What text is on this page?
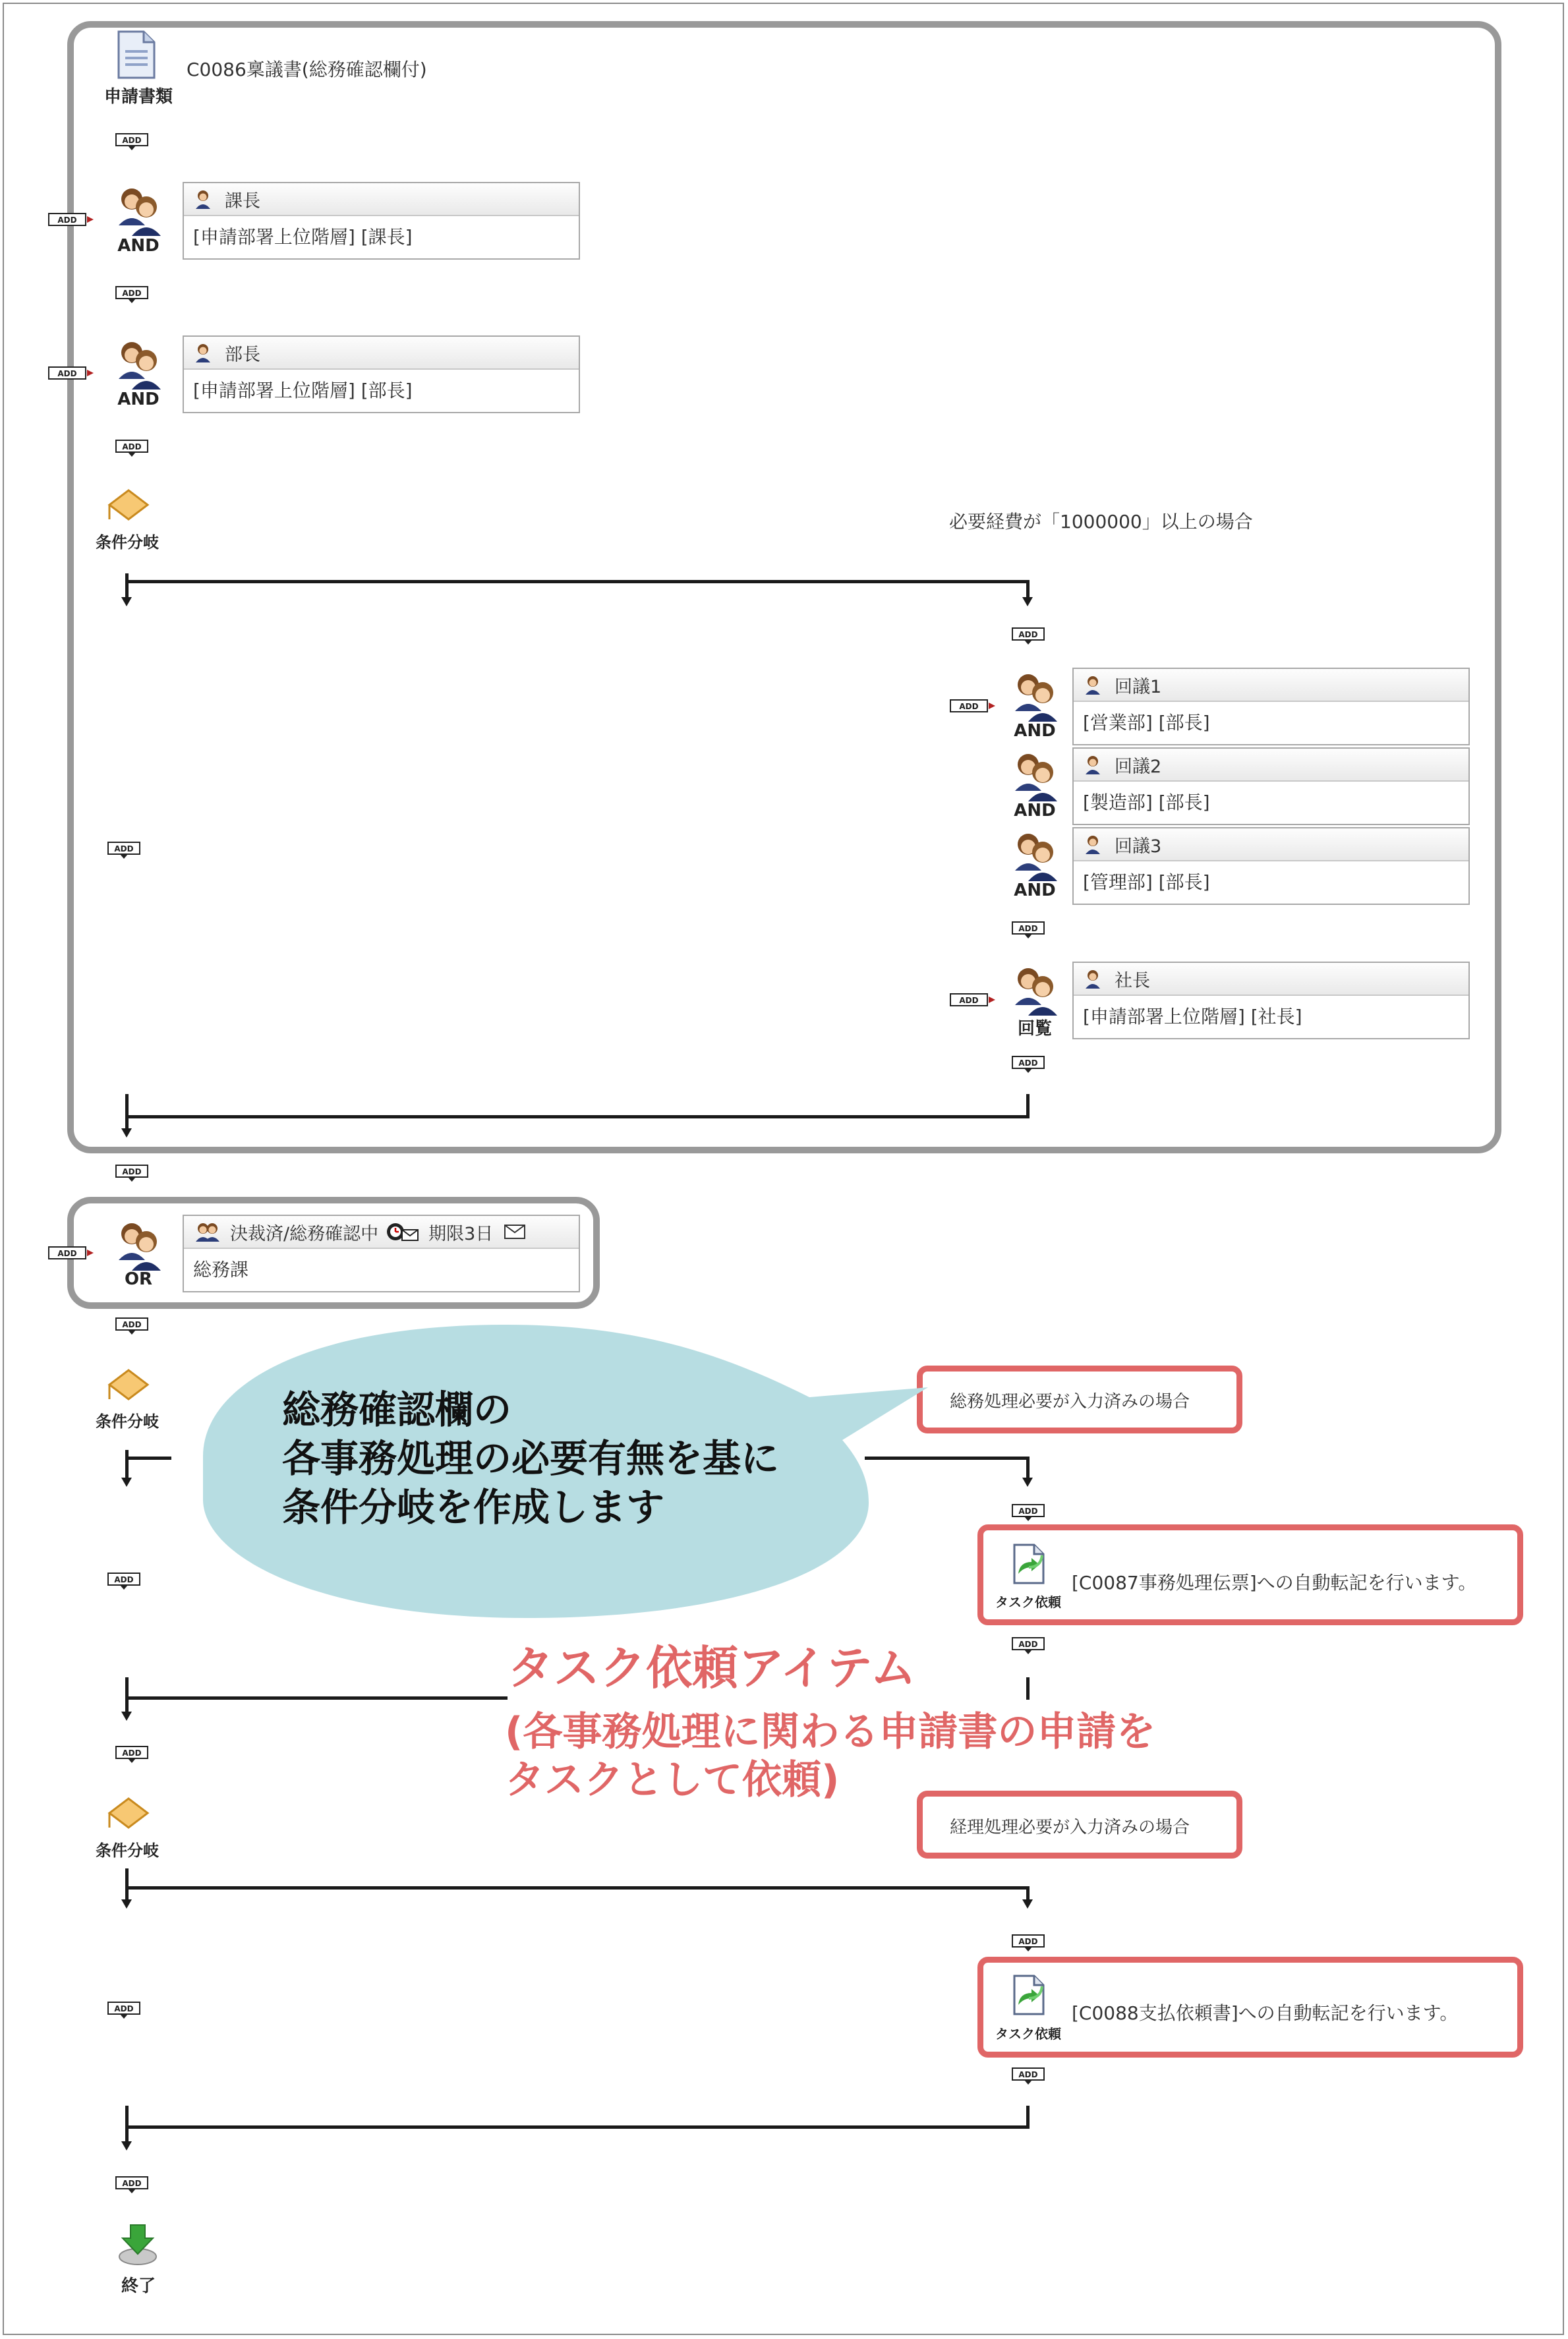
申請書類
C0086稟議書(総務確認欄付)
ADD
ADD
AND
課長
[申請部署上位階層] [課長]
AND
部長
[申請部署上位階層] [部長]
条件分岐
必要経費が「1000000」以上の場合
ADD
AND
回議1
[営業部] [部長]
AND
回議2
[製造部] [部長]
AND
回議3
[管理部] [部長]
ADD
回覧
社長
[申請部署上位階層] [社長]
ADD
OR
決裁済/総務確認中	期限3日
総務課
条件分岐
総務処理必要が入力済みの場合
総務確認欄の
各事務処理の必要有無を基に
条件分岐を作成します
タスク依頼
[C0087事務処理伝票]への自動転記を行います。
タスク依頼アイテム
(各事務処理に関わる申請書の申請を
タスクとして依頼)
条件分岐
経理処理必要が入力済みの場合
タスク依頼
[C0088支払依頼書]への自動転記を行います。
終了
